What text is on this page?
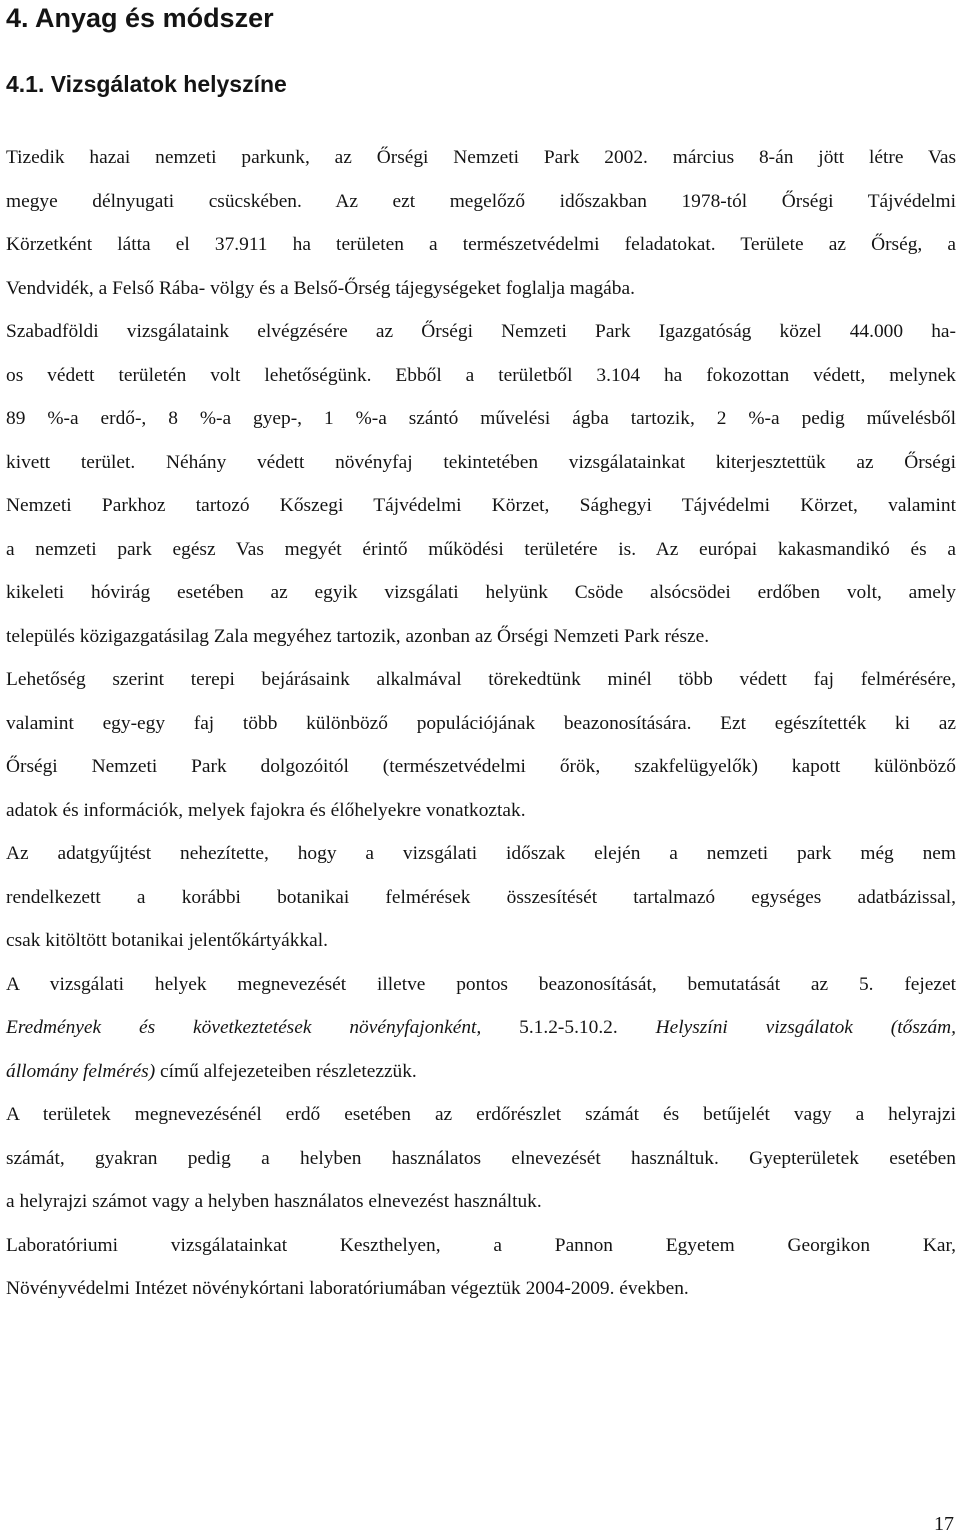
4. Anyag és módszer
4.1. Vizsgálatok helyszíne

Tizedik hazai nemzeti parkunk, az Őrségi Nemzeti Park 2002. március 8-án jött létre Vas
megye délnyugati csücskében. Az ezt megelőző időszakban 1978-tól Őrségi Tájvédelmi
Körzetként látta el 37.911 ha területen a természetvédelmi feladatokat. Területe az Őrség, a
Vendvidék, a Felső Rába- völgy és a Belső-Őrség tájegységeket foglalja magába.
Szabadföldi vizsgálataink elvégzésére az Őrségi Nemzeti Park Igazgatóság közel 44.000 ha-
os védett területén volt lehetőségünk. Ebből a területből 3.104 ha fokozottan védett, melynek
89 %-a erdő-, 8 %-a gyep-, 1 %-a szántó művelési ágba tartozik, 2 %-a pedig művelésből
kivett terület. Néhány védett növényfaj tekintetében vizsgálatainkat kiterjesztettük az Őrségi
Nemzeti Parkhoz tartozó Kőszegi Tájvédelmi Körzet, Sághegyi Tájvédelmi Körzet, valamint
a nemzeti park egész Vas megyét érintő működési területére is. Az európai kakasmandikó és a
kikeleti hóvirág esetében az egyik vizsgálati helyünk Csöde alsócsödei erdőben volt, amely
település közigazgatásilag Zala megyéhez tartozik, azonban az Őrségi Nemzeti Park része.
Lehetőség szerint terepi bejárásaink alkalmával törekedtünk minél több védett faj felmérésére,
valamint egy-egy faj több különböző populációjának beazonosítására. Ezt egészítették ki az
Őrségi Nemzeti Park dolgozóitól (természetvédelmi őrök, szakfelügyelők) kapott különböző
adatok és információk, melyek fajokra és élőhelyekre vonatkoztak.

Az adatgyűjtést nehezítette, hogy a vizsgálati időszak elején a nemzeti park még nem
rendelkezett a korábbi botanikai felmérések összesítését tartalmazó egységes adatbázissal,
csak kitöltött botanikai jelentőkártyákkal.

A vizsgálati helyek megnevezését illetve pontos beazonosítását, bemutatását az 5. fejezet
Eredmények és következtetések növényfajonként, 5.1.2-5.10.2. Helyszíni vizsgálatok (tőszám,
állomány felmérés) című alfejezeteiben részletezzük.

A területek megnevezésénél erdő esetében az erdőrészlet számát és betűjelét vagy a helyrajzi
számát, gyakran pedig a helyben használatos elnevezését használtuk. Gyepterületek esetében
a helyrajzi számot vagy a helyben használatos elnevezést használtuk.

Laboratóriumi vizsgálatainkat Keszthelyen, a Pannon Egyetem Georgikon Kar,
Növényvédelmi Intézet növénykórtani laboratóriumában végeztük 2004-2009. években.

17
